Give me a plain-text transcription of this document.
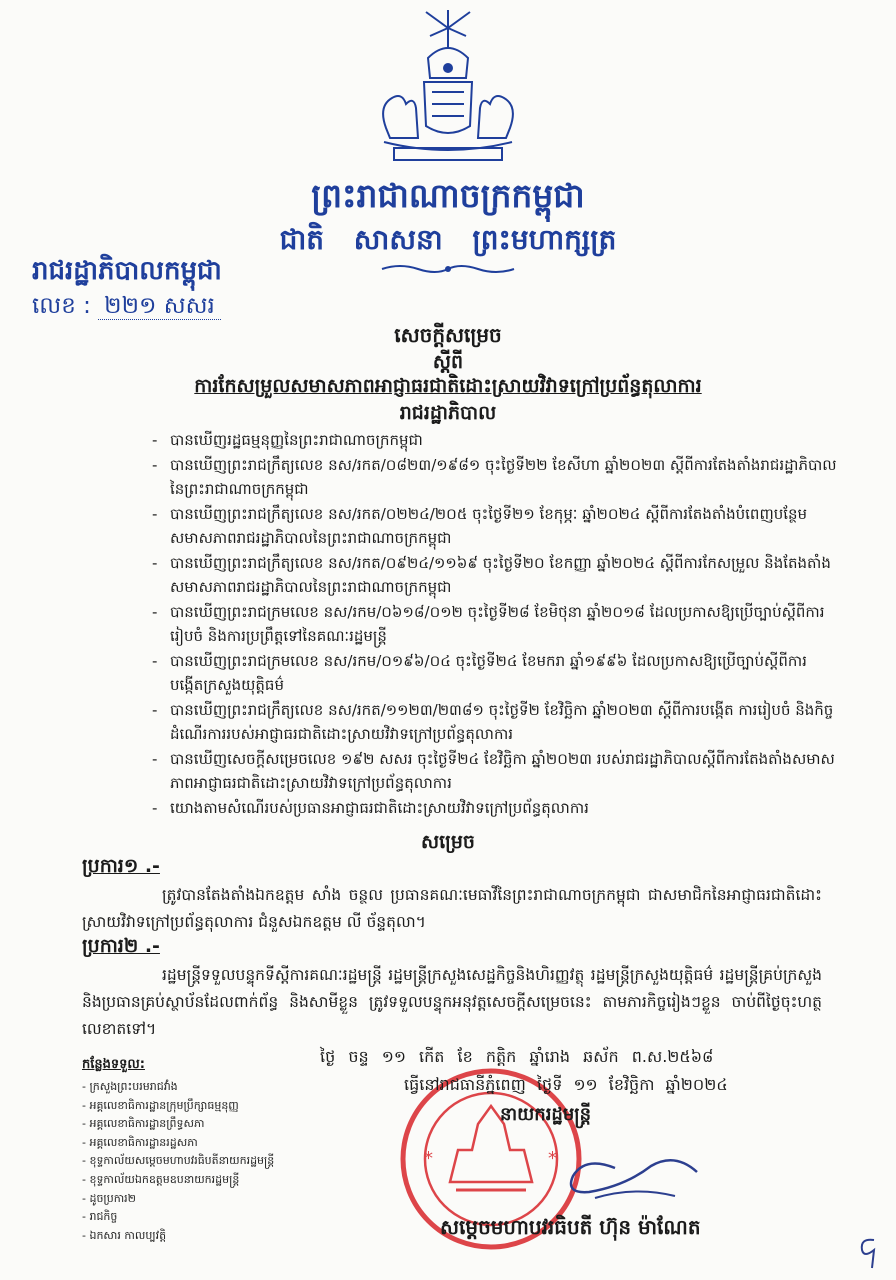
ព្រះរាជាណាចក្រកម្ពុជា
ជាតិ សាសនា ព្រះមហាក្សត្រ
រាជរដ្ឋាភិបាលកម្ពុជា
លេខ : ២២១ សសរ
សេចក្តីសម្រេច
ស្តីពី
ការកែសម្រួលសមាសភាពអាជ្ញាធរជាតិដោះស្រាយវិវាទក្រៅប្រព័ន្ធតុលាការ
រាជរដ្ឋាភិបាល
- បានឃើញរដ្ឋធម្មនុញ្ញនៃព្រះរាជាណាចក្រកម្ពុជា
- បានឃើញព្រះរាជក្រឹត្យលេខ នស/រកត/០៨២៣/១៩៨១ ចុះថ្ងៃទី២២ ខែសីហា ឆ្នាំ២០២៣ ស្តីពីការតែងតាំងរាជរដ្ឋាភិបាលនៃព្រះរាជាណាចក្រកម្ពុជា
- បានឃើញព្រះរាជក្រឹត្យលេខ នស/រកត/០២២៤/២០៥ ចុះថ្ងៃទី២១ ខែកុម្ភៈ ឆ្នាំ២០២៤ ស្តីពីការតែងតាំងបំពេញបន្ថែមសមាសភាពរាជរដ្ឋាភិបាលនៃព្រះរាជាណាចក្រកម្ពុជា
- បានឃើញព្រះរាជក្រឹត្យលេខ នស/រកត/០៩២៤/១១៦៩ ចុះថ្ងៃទី២០ ខែកញ្ញា ឆ្នាំ២០២៤ ស្តីពីការកែសម្រួល និងតែងតាំងសមាសភាពរាជរដ្ឋាភិបាលនៃព្រះរាជាណាចក្រកម្ពុជា
- បានឃើញព្រះរាជក្រមលេខ នស/រកម/០៦១៨/០១២ ចុះថ្ងៃទី២៨ ខែមិថុនា ឆ្នាំ២០១៨ ដែលប្រកាសឱ្យប្រើច្បាប់ស្តីពីការរៀបចំ និងការប្រព្រឹត្តទៅនៃគណៈរដ្ឋមន្ត្រី
- បានឃើញព្រះរាជក្រមលេខ នស/រកម/០១៩៦/០៤ ចុះថ្ងៃទី២៤ ខែមករា ឆ្នាំ១៩៩៦ ដែលប្រកាសឱ្យប្រើច្បាប់ស្តីពីការបង្កើតក្រសួងយុត្តិធម៌
- បានឃើញព្រះរាជក្រឹត្យលេខ នស/រកត/១១២៣/២៣៨១ ចុះថ្ងៃទី២ ខែវិច្ឆិកា ឆ្នាំ២០២៣ ស្តីពីការបង្កើត ការរៀបចំ និងកិច្ចដំណើរការរបស់អាជ្ញាធរជាតិដោះស្រាយវិវាទក្រៅប្រព័ន្ធតុលាការ
- បានឃើញសេចក្តីសម្រេចលេខ ១៩២ សសរ ចុះថ្ងៃទី២៤ ខែវិច្ឆិកា ឆ្នាំ២០២៣ របស់រាជរដ្ឋាភិបាលស្តីពីការតែងតាំងសមាសភាពអាជ្ញាធរជាតិដោះស្រាយវិវាទក្រៅប្រព័ន្ធតុលាការ
- យោងតាមសំណើរបស់ប្រធានអាជ្ញាធរជាតិដោះស្រាយវិវាទក្រៅប្រព័ន្ធតុលាការ
សម្រេច
ប្រការ១ .-
ត្រូវបានតែងតាំងឯកឧត្តម សាំង ចន្ថល ប្រធានគណៈមេធាវីនៃព្រះរាជាណាចក្រកម្ពុជា ជាសមាជិកនៃអាជ្ញាធរជាតិដោះស្រាយវិវាទក្រៅប្រព័ន្ធតុលាការ ជំនួសឯកឧត្តម លី ច័ន្ទតុលា។
ប្រការ២ .-
រដ្ឋមន្ត្រីទទួលបន្ទុកទីស្តីការគណៈរដ្ឋមន្ត្រី រដ្ឋមន្ត្រីក្រសួងសេដ្ឋកិច្ចនិងហិរញ្ញវត្ថុ រដ្ឋមន្ត្រីក្រសួងយុត្តិធម៌ រដ្ឋមន្ត្រីគ្រប់ក្រសួងនិងប្រធានគ្រប់ស្ថាប័នដែលពាក់ព័ន្ធ និងសាមីខ្លួន ត្រូវទទួលបន្ទុកអនុវត្តសេចក្តីសម្រេចនេះ តាមភារកិច្ចរៀងៗខ្លួន ចាប់ពីថ្ងៃចុះហត្ថលេខាតទៅ។
*	*
ថ្ងៃ ចន្ទ ១១ កើត ខែ កត្តិក ឆ្នាំរោង ឆស័ក ព.ស.២៥៦៨
ធ្វើនៅរាជធានីភ្នំពេញ ថ្ងៃទី ១១ ខែវិច្ឆិកា ឆ្នាំ២០២៤
នាយករដ្ឋមន្ត្រី
សម្តេចមហាបវរធិបតី ហ៊ុន ម៉ាណែត
កន្លែងទទួល:
- ក្រសួងព្រះបរមរាជវាំង
- អគ្គលេខាធិការដ្ឋានក្រុមប្រឹក្សាធម្មនុញ្ញ
- អគ្គលេខាធិការដ្ឋានព្រឹទ្ធសភា
- អគ្គលេខាធិការដ្ឋានរដ្ឋសភា
- ខុទ្ទកាល័យសម្តេចមហាបវរធិបតីនាយករដ្ឋមន្ត្រី
- ខុទ្ទកាល័យឯកឧត្តមឧបនាយករដ្ឋមន្ត្រី
- ដូចប្រការ២
- រាជកិច្ច
- ឯកសារ កាលប្បវត្តិ
